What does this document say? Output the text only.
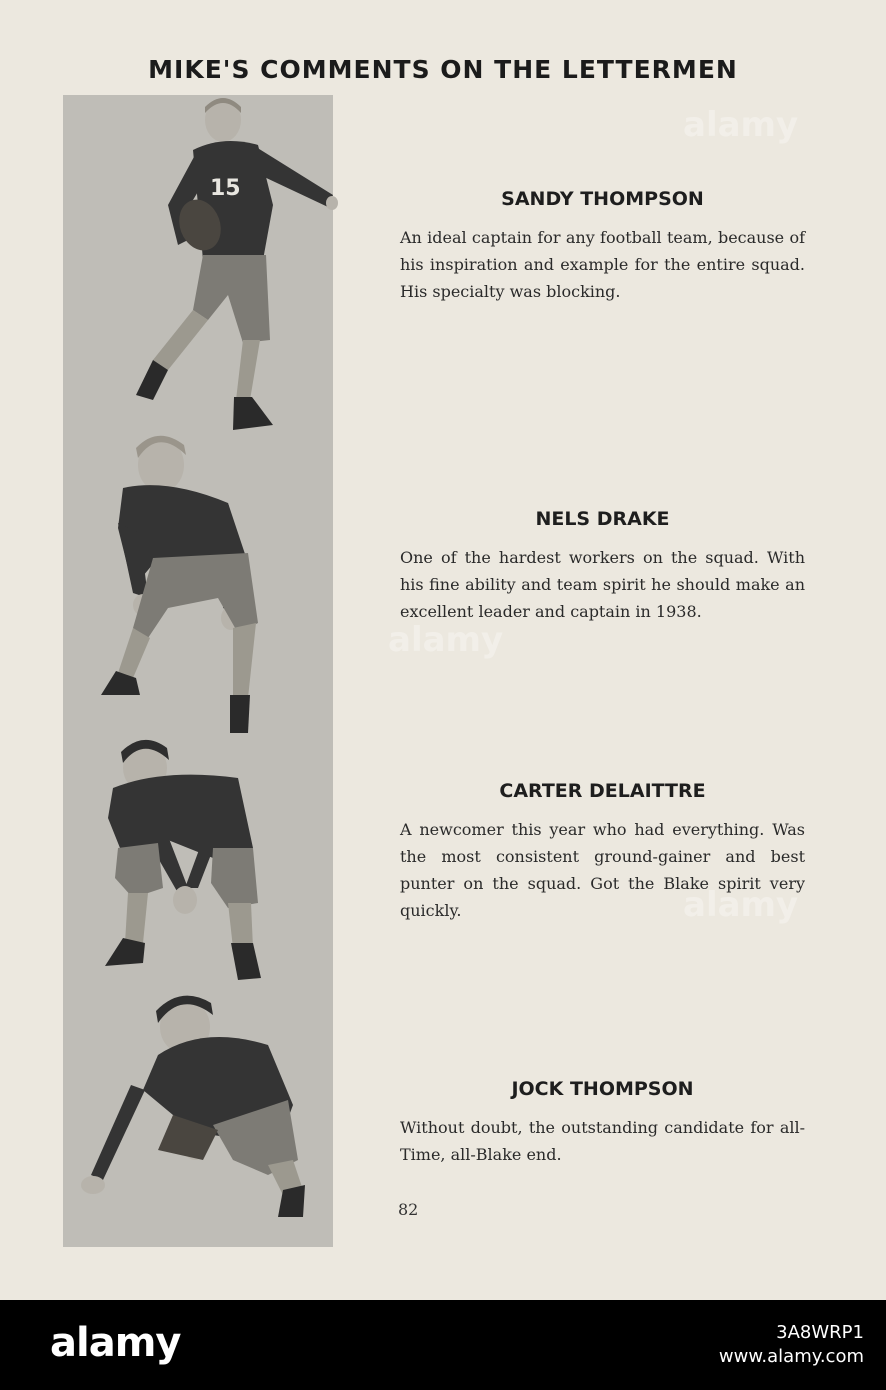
MIKE'S COMMENTS ON THE LETTERMEN
15	SANDY THOMPSON

An ideal captain for any football team, because of his inspiration and example for the entire squad. His specialty was blocking.

NELS DRAKE

One of the hardest workers on the squad. With his fine ability and team spirit he should make an excellent leader and captain in 1938.

CARTER DELAITTRE

A newcomer this year who had everything. Was the most consistent ground-gainer and best punter on the squad. Got the Blake spirit very quickly.

JOCK THOMPSON

Without doubt, the outstanding candidate for all-Time, all-Blake end.

82
alamy
alamy
alamy
alamy	3A8WRP1
www.alamy.com
